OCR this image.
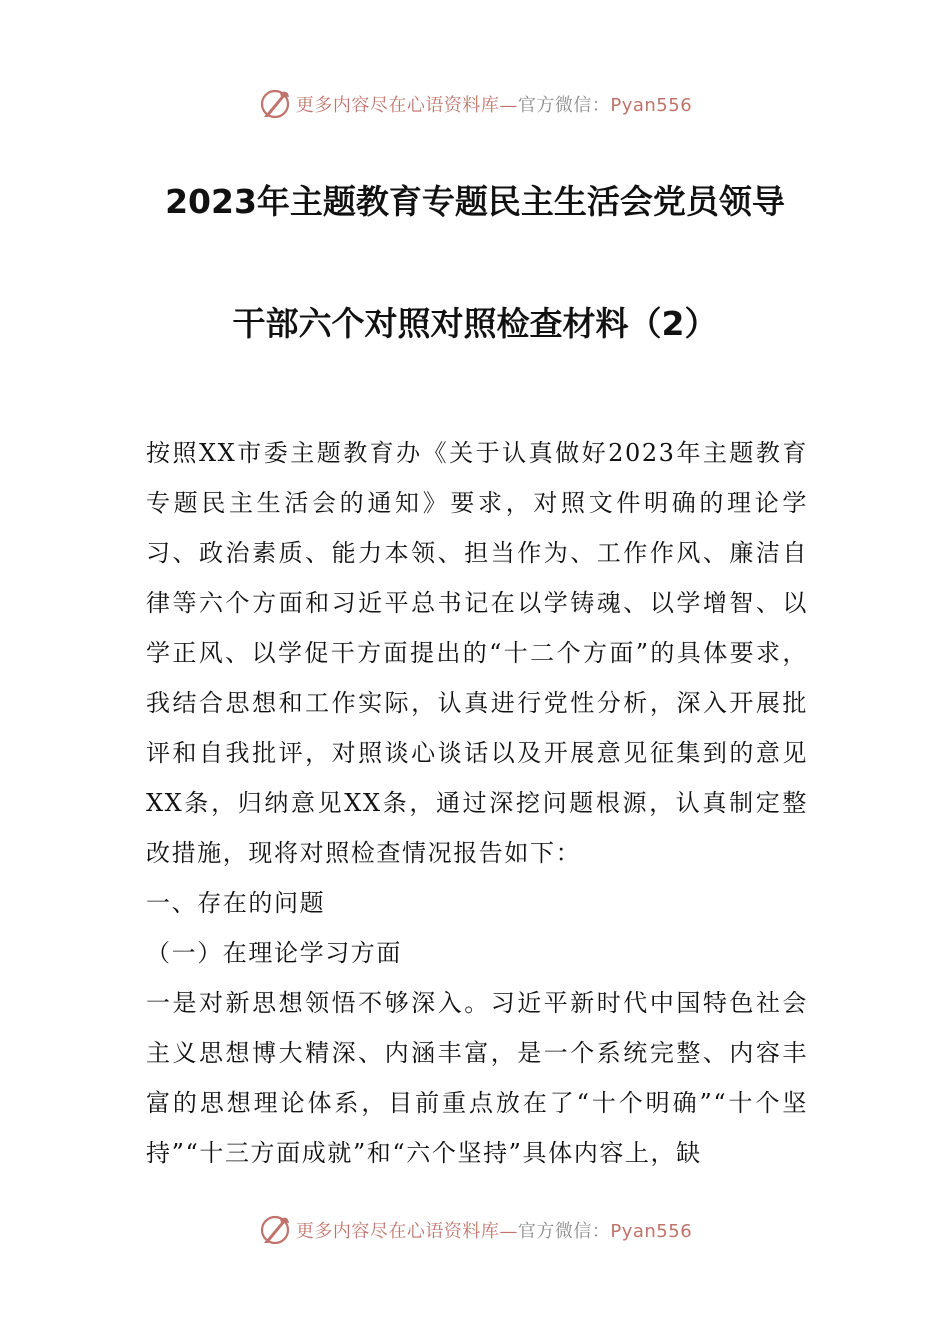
更多内容尽在心语资料库—官方微信：Pyan556
2023年主题教育专题民主生活会党员领导
干部六个对照对照检查材料（2）

按照XX市委主题教育办《关于认真做好2023年主题教育专题民主生活会的通知》要求，对照文件明确的理论学习、政治素质、能力本领、担当作为、工作作风、廉洁自律等六个方面和习近平总书记在以学铸魂、以学增智、以学正风、以学促干方面提出的“十二个方面”的具体要求，我结合思想和工作实际，认真进行党性分析，深入开展批评和自我批评，对照谈心谈话以及开展意见征集到的意见XX条，归纳意见XX条，通过深挖问题根源，认真制定整改措施，现将对照检查情况报告如下：

一、存在的问题

（一）在理论学习方面

一是对新思想领悟不够深入。习近平新时代中国特色社会主义思想博大精深、内涵丰富，是一个系统完整、内容丰富的思想理论体系，目前重点放在了“十个明确”“十个坚持”“十三方面成就”和“六个坚持”具体内容上，缺

更多内容尽在心语资料库—官方微信：Pyan556
